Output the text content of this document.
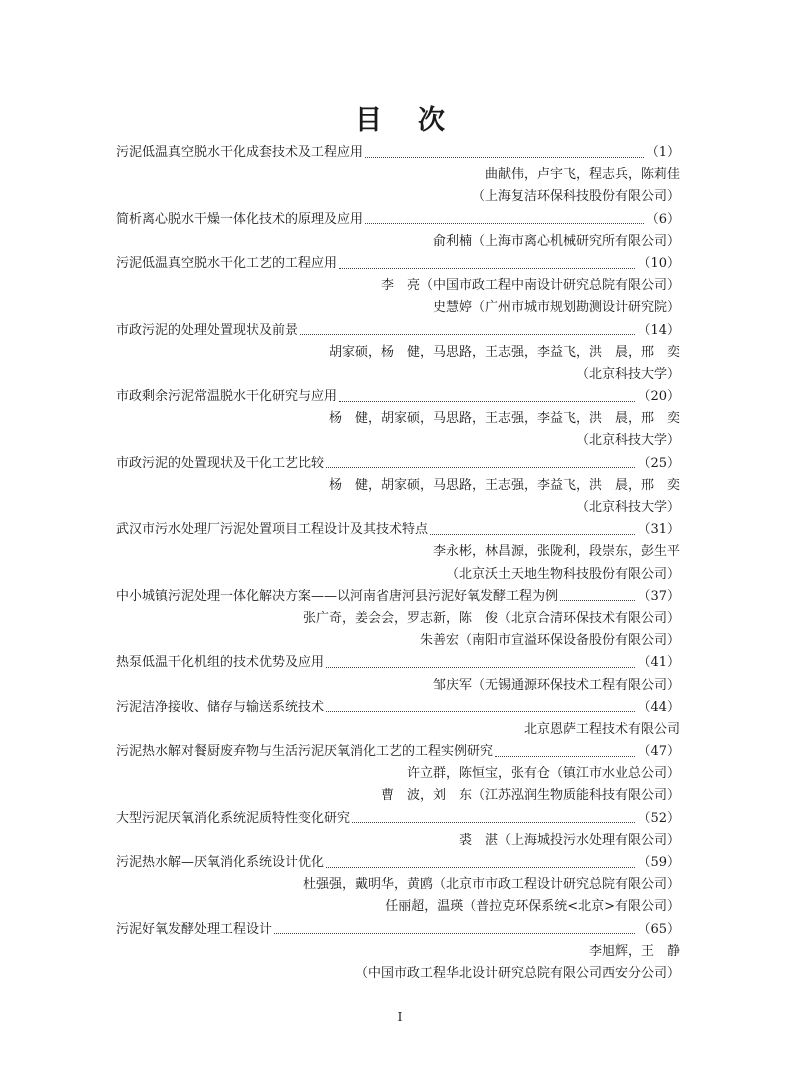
目次
污泥低温真空脱水干化成套技术及工程应用	（1）
曲献伟，卢宇飞，程志兵，陈莉佳
（上海复洁环保科技股份有限公司）
简析离心脱水干燥一体化技术的原理及应用	（6）
俞利楠（上海市离心机械研究所有限公司）
污泥低温真空脱水干化工艺的工程应用	（10）
李　亮（中国市政工程中南设计研究总院有限公司）
史慧婷（广州市城市规划勘测设计研究院）
市政污泥的处理处置现状及前景	（14）
胡家硕，杨　健，马思路，王志强，李益飞，洪　晨，邢　奕
（北京科技大学）
市政剩余污泥常温脱水干化研究与应用	（20）
杨　健，胡家硕，马思路，王志强，李益飞，洪　晨，邢　奕
（北京科技大学）
市政污泥的处置现状及干化工艺比较	（25）
杨　健，胡家硕，马思路，王志强，李益飞，洪　晨，邢　奕
（北京科技大学）
武汉市污水处理厂污泥处置项目工程设计及其技术特点	（31）
李永彬，林昌源，张陇利，段崇东，彭生平
（北京沃土天地生物科技股份有限公司）
中小城镇污泥处理一体化解决方案——以河南省唐河县污泥好氧发酵工程为例	（37）
张广奇，姜会会，罗志新，陈　俊（北京合清环保技术有限公司）
朱善宏（南阳市宣溢环保设备股份有限公司）
热泵低温干化机组的技术优势及应用	（41）
邹庆军（无锡通源环保技术工程有限公司）
污泥洁净接收、储存与输送系统技术	（44）
北京恩萨工程技术有限公司
污泥热水解对餐厨废弃物与生活污泥厌氧消化工艺的工程实例研究	（47）
许立群，陈恒宝，张有仓（镇江市水业总公司）
曹　波，刘　东（江苏泓润生物质能科技有限公司）
大型污泥厌氧消化系统泥质特性变化研究	（52）
裘　湛（上海城投污水处理有限公司）
污泥热水解—厌氧消化系统设计优化	（59）
杜强强，戴明华，黄鸥（北京市市政工程设计研究总院有限公司）
任丽超，温瑛（普拉克环保系统<北京>有限公司）
污泥好氧发酵处理工程设计	（65）
李旭辉，王　静
（中国市政工程华北设计研究总院有限公司西安分公司）
I
